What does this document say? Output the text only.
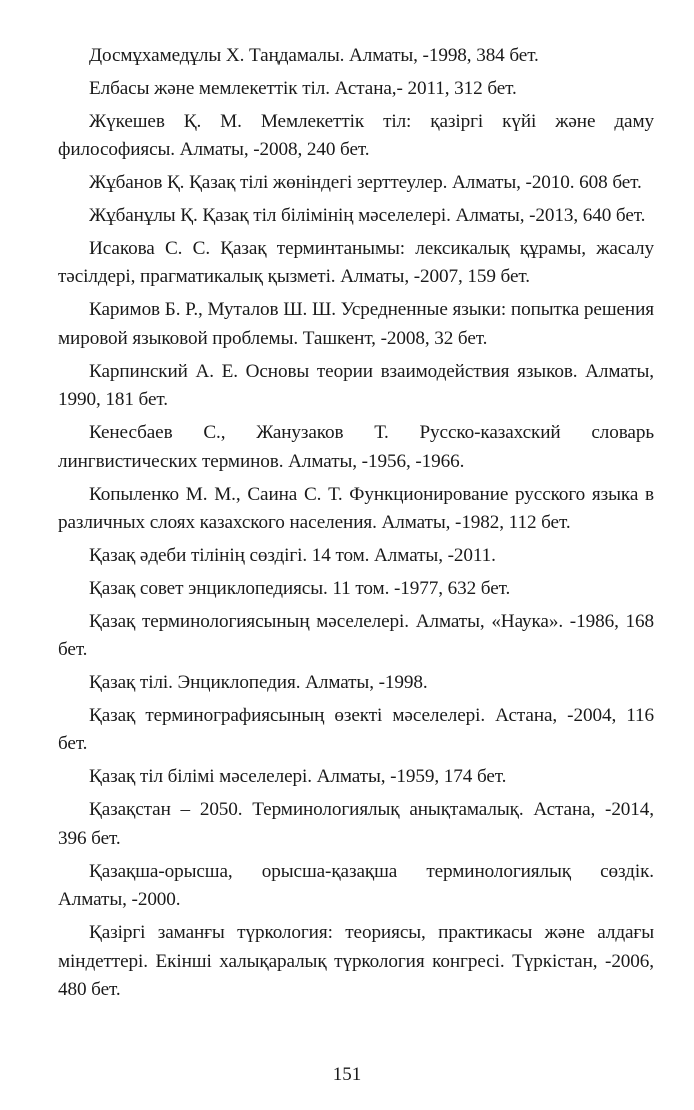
Досмұхамедұлы Х. Таңдамалы. Алматы, -1998, 384 бет.

Елбасы және мемлекеттік тіл. Астана,- 2011, 312 бет.

Жүкешев Қ. М. Мемлекеттік тіл: қазіргі күйі және даму философиясы. Алматы, -2008, 240 бет.

Жұбанов Қ. Қазақ тілі жөніндегі зерттеулер. Алматы, -2010. 608 бет.

Жұбанұлы Қ. Қазақ тіл білімінің мәселелері. Алматы, -2013, 640 бет.

Исакова С. С. Қазақ терминтанымы: лексикалық құрамы, жасалу тәсілдері, прагматикалық қызметі. Алматы, -2007, 159 бет.

Каримов Б. Р., Муталов Ш. Ш. Усредненные языки: попытка решения мировой языковой проблемы. Ташкент, -2008, 32 бет.

Карпинский А. Е. Основы теории взаимодействия языков. Алматы, 1990, 181 бет.

Кенесбаев С., Жанузаков Т. Русско-казахский словарь лингвистических терминов. Алматы, -1956, -1966.

Копыленко М. М., Саина С. Т. Функционирование русского языка в различных слоях казахского населения. Алматы, -1982, 112 бет.

Қазақ әдеби тілінің сөздігі. 14 том. Алматы, -2011.

Қазақ совет энциклопедиясы. 11 том. -1977, 632 бет.

Қазақ терминологиясының мәселелері. Алматы, «Наука». -1986, 168 бет.

Қазақ тілі. Энциклопедия. Алматы, -1998.

Қазақ терминографиясының өзекті мәселелері. Астана, -2004, 116 бет.

Қазақ тіл білімі мәселелері. Алматы, -1959, 174 бет.

Қазақстан – 2050. Терминологиялық анықтамалық. Астана, -2014, 396 бет.

Қазақша-орысша, орысша-қазақша терминологиялық сөздік. Алматы, -2000.

Қазіргі заманғы түркология: теориясы, практикасы және алдағы міндеттері. Екінші халықаралық түркология конгресі. Түркістан, -2006, 480 бет.

151
